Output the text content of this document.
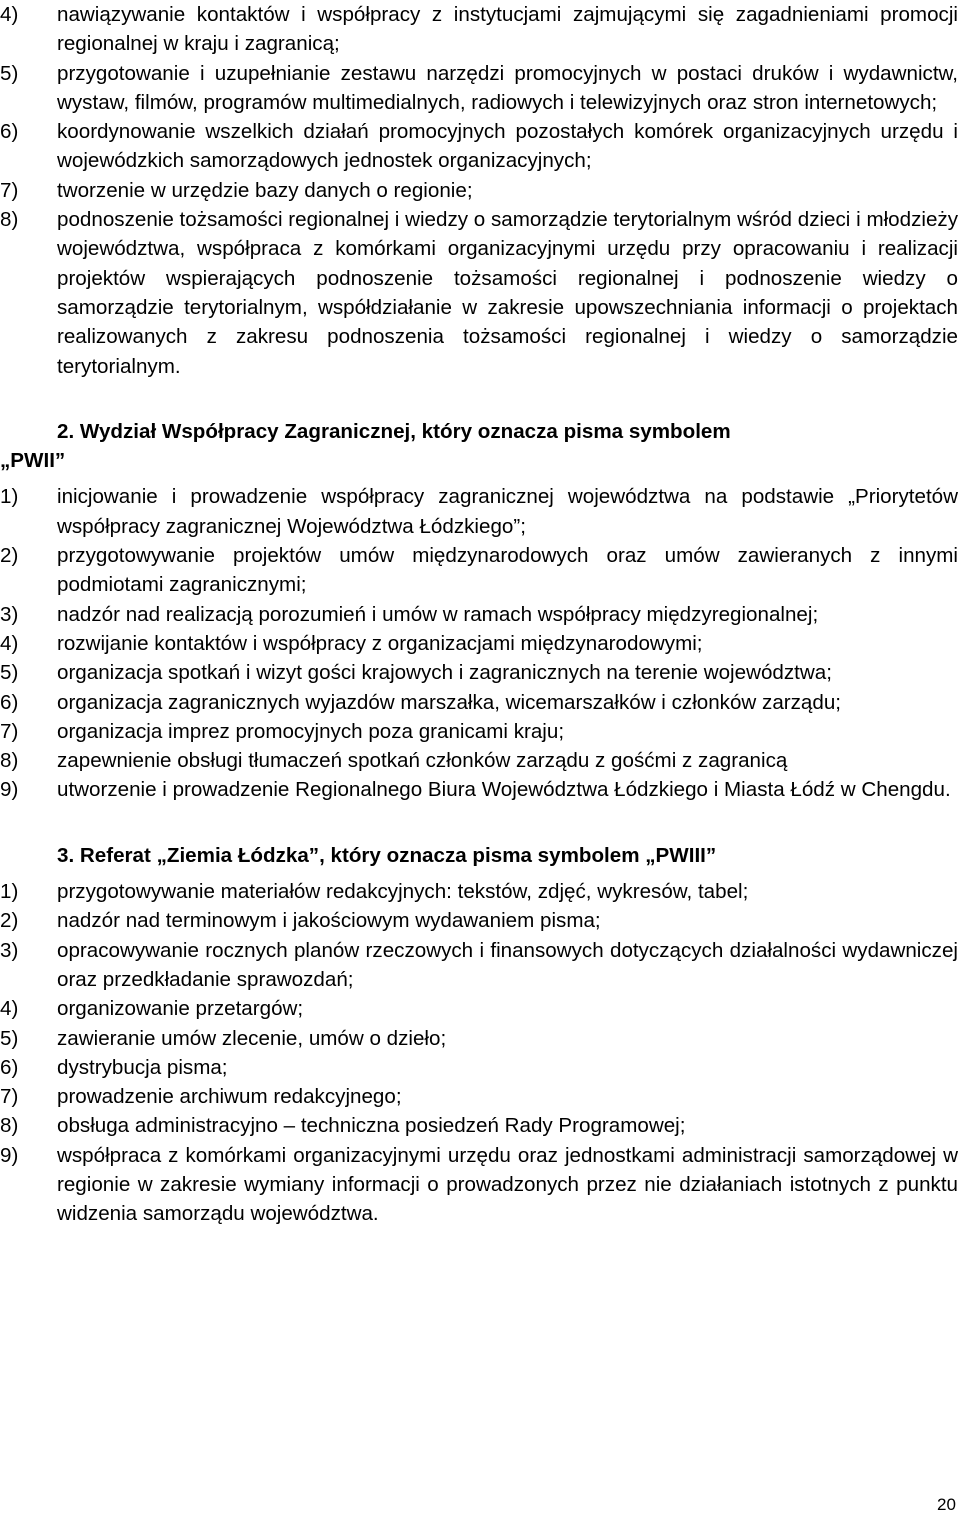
4)	nawiązywanie kontaktów i współpracy z instytucjami zajmującymi się zagadnieniami promocji regionalnej w kraju i zagranicą;
5)	przygotowanie i uzupełnianie zestawu narzędzi promocyjnych w postaci druków i wydawnictw, wystaw, filmów, programów multimedialnych, radiowych i telewizyjnych oraz stron internetowych;
6)	koordynowanie wszelkich działań promocyjnych pozostałych komórek organizacyjnych urzędu i wojewódzkich samorządowych jednostek organizacyjnych;
7)	tworzenie w urzędzie bazy danych o regionie;
8)	podnoszenie tożsamości regionalnej i wiedzy o samorządzie terytorialnym wśród dzieci i młodzieży województwa, współpraca z komórkami organizacyjnymi urzędu przy opracowaniu i realizacji projektów wspierających podnoszenie tożsamości regionalnej i podnoszenie wiedzy o samorządzie terytorialnym, współdziałanie w zakresie upowszechniania informacji o projektach realizowanych z zakresu podnoszenia tożsamości regionalnej i wiedzy o samorządzie terytorialnym.
2. Wydział Współpracy Zagranicznej, który oznacza pisma symbolem
„PWII”
1)	inicjowanie i prowadzenie współpracy zagranicznej województwa na podstawie „Priorytetów współpracy zagranicznej Województwa Łódzkiego”;
2)	przygotowywanie projektów umów międzynarodowych oraz umów zawieranych z innymi podmiotami zagranicznymi;
3)	nadzór nad realizacją porozumień i umów w ramach współpracy międzyregionalnej;
4)	rozwijanie kontaktów i współpracy z organizacjami międzynarodowymi;
5)	organizacja spotkań i wizyt gości krajowych i zagranicznych na terenie województwa;
6)	organizacja zagranicznych wyjazdów marszałka, wicemarszałków i członków zarządu;
7)	organizacja imprez promocyjnych poza granicami kraju;
8)	zapewnienie obsługi tłumaczeń spotkań członków zarządu z gośćmi z zagranicą
9)	utworzenie i prowadzenie Regionalnego Biura Województwa Łódzkiego i Miasta Łódź w Chengdu.
3. Referat „Ziemia Łódzka”, który oznacza pisma symbolem „PWIII”
1)	przygotowywanie materiałów redakcyjnych: tekstów, zdjęć, wykresów, tabel;
2)	nadzór nad terminowym i jakościowym wydawaniem pisma;
3)	opracowywanie rocznych planów rzeczowych i finansowych dotyczących działalności wydawniczej oraz przedkładanie sprawozdań;
4)	organizowanie przetargów;
5)	zawieranie umów zlecenie, umów o dzieło;
6)	dystrybucja pisma;
7)	prowadzenie archiwum redakcyjnego;
8)	obsługa administracyjno – techniczna posiedzeń Rady Programowej;
9)	współpraca z komórkami organizacyjnymi urzędu oraz jednostkami administracji samorządowej w regionie w zakresie wymiany informacji o prowadzonych przez nie działaniach istotnych z punktu widzenia samorządu województwa.
20
